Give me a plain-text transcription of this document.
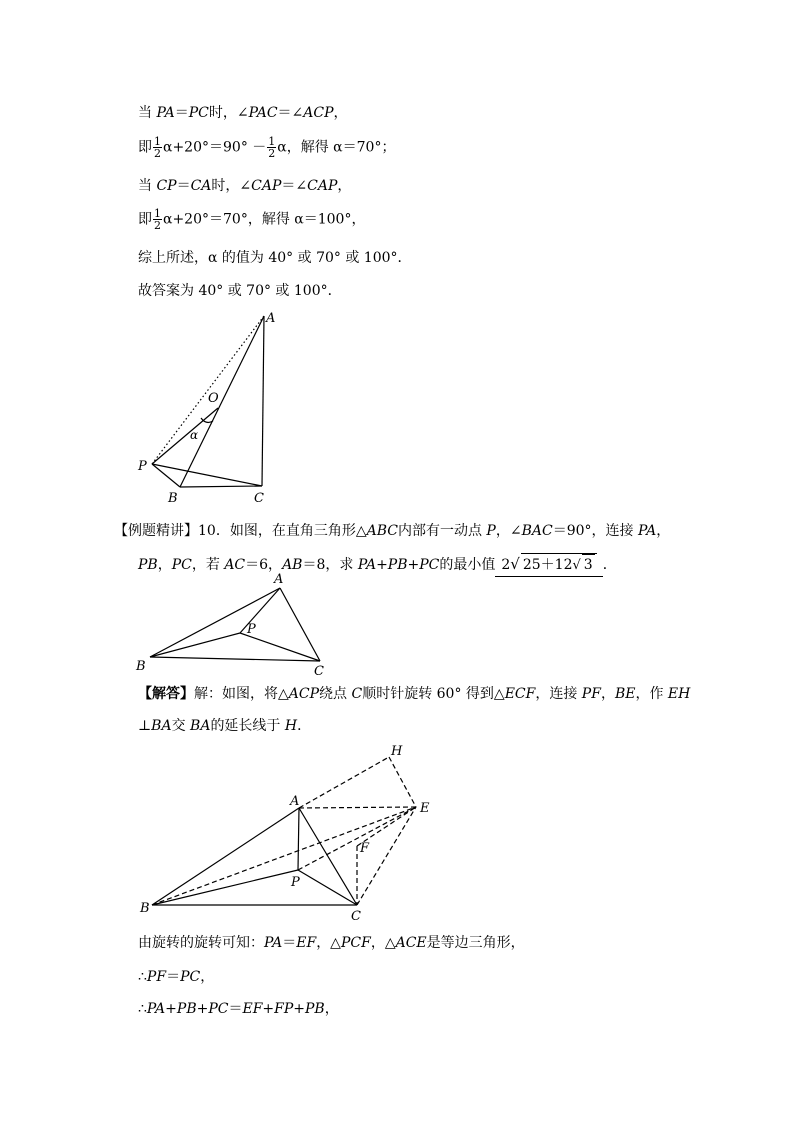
当 PA＝PC时，∠PAC＝∠ACP，
即 $\frac{1}{2} \alpha+20^\circ=90^\circ - \frac{1}{2}$ α，解得 α＝70°；
当 CP＝CA时，∠CAP＝∠CAP，
即 $\frac{1}{2} \alpha+20^\circ=70^\circ$，解得 α＝100°，
综上所述，α 的值为 40° 或 70° 或 100°．
故答案为 40° 或 70° 或 100°．
A
O
α
P
B	C
【例题精讲】10．如图，在直角三角形△ABC内部有一动点 P，∠BAC＝90°，连接 PA，
PB，PC，若 AC＝6，AB＝8，求 PA+PB+PC的最小值 2√ 25＋12√ 3 ．
A
P
B	C
【解答】解：如图，将△ACP绕点 C顺时针旋转 60° 得到△ECF，连接 PF，BE，作 EH
⊥BA交 BA的延长线于 H．
H
A	E
F
P
B
C
由旋转的旋转可知：PA＝EF，△PCF，△ACE是等边三角形，
∴PF＝PC，
∴PA+PB+PC＝EF+FP+PB，
